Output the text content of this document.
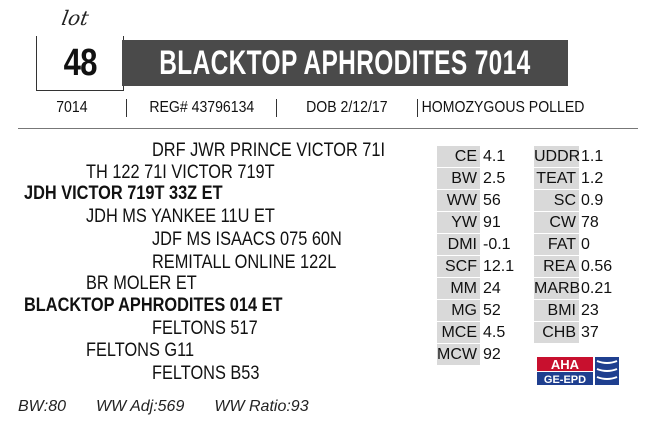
lot
48 BLACKTOP APHRODITES 7014
7014	REG# 43796134	DOB 2/12/17	HOMOZYGOUS POLLED
DRF JWR PRINCE VICTOR 71I
TH 122 71I VICTOR 719T
JDH VICTOR 719T 33Z ET
JDH MS YANKEE 11U ET
JDF MS ISAACS 075 60N
REMITALL ONLINE 122L
BR MOLER ET
BLACKTOP APHRODITES 014 ET
FELTONS 517
FELTONS G11
FELTONS B53
CE 4.1 UDDR 1.1
BW 2.5 TEAT 1.2
WW 56	SC 0.9
YW 91	CW 78
DMI -0.1	FAT 0
SCF 12.1	REA 0.56
MM 24 MARB 0.21
MG 52	BMI 23
MCE 4.5	CHB 37
MCW 92
AHA
GE-EPD
BW:80 WW Adj:569 WW Ratio:93
